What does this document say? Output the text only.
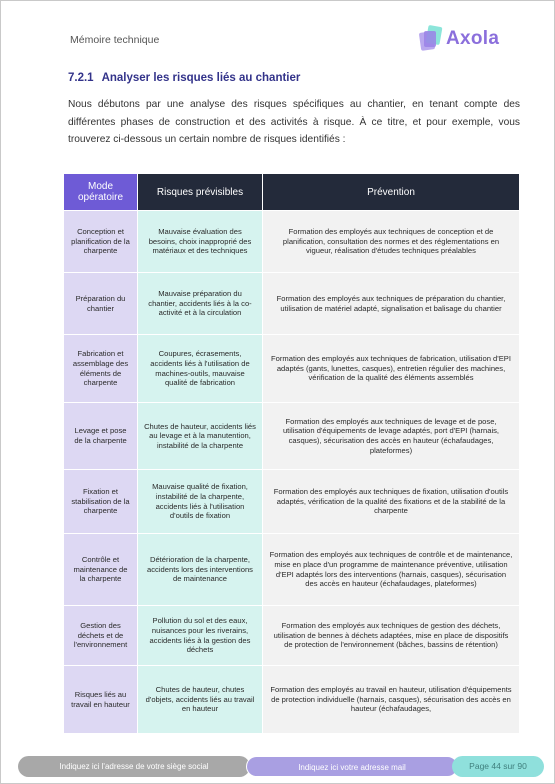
Mémoire technique	Axola
7.2.1 Analyser les risques liés au chantier
Nous débutons par une analyse des risques spécifiques au chantier, en tenant compte des différentes phases de construction et des activités à risque. À ce titre, et pour exemple, vous trouverez ci-dessous un certain nombre de risques identifiés :
Mode opératoire	Risques prévisibles	Prévention
Conception et planification de la charpente	Mauvaise évaluation des besoins, choix inapproprié des matériaux et des techniques	Formation des employés aux techniques de conception et de planification, consultation des normes et des réglementations en vigueur, réalisation d'études techniques préalables
Préparation du chantier	Mauvaise préparation du chantier, accidents liés à la co-activité et à la circulation	Formation des employés aux techniques de préparation du chantier, utilisation de matériel adapté, signalisation et balisage du chantier
Fabrication et assemblage des éléments de charpente	Coupures, écrasements, accidents liés à l'utilisation de machines-outils, mauvaise qualité de fabrication	Formation des employés aux techniques de fabrication, utilisation d'EPI adaptés (gants, lunettes, casques), entretien régulier des machines, vérification de la qualité des éléments assemblés
Levage et pose de la charpente	Chutes de hauteur, accidents liés au levage et à la manutention, instabilité de la charpente	Formation des employés aux techniques de levage et de pose, utilisation d'équipements de levage adaptés, port d'EPI (harnais, casques), sécurisation des accès en hauteur (échafaudages, plateformes)
Fixation et stabilisation de la charpente	Mauvaise qualité de fixation, instabilité de la charpente, accidents liés à l'utilisation d'outils de fixation	Formation des employés aux techniques de fixation, utilisation d'outils adaptés, vérification de la qualité des fixations et de la stabilité de la charpente
Contrôle et maintenance de la charpente	Détérioration de la charpente, accidents lors des interventions de maintenance	Formation des employés aux techniques de contrôle et de maintenance, mise en place d'un programme de maintenance préventive, utilisation d'EPI adaptés lors des interventions (harnais, casques), sécurisation des accès en hauteur (échafaudages, plateformes)
Gestion des déchets et de l'environnement	Pollution du sol et des eaux, nuisances pour les riverains, accidents liés à la gestion des déchets	Formation des employés aux techniques de gestion des déchets, utilisation de bennes à déchets adaptées, mise en place de dispositifs de protection de l'environnement (bâches, bassins de rétention)
Risques liés au travail en hauteur	Chutes de hauteur, chutes d'objets, accidents liés au travail en hauteur	Formation des employés au travail en hauteur, utilisation d'équipements de protection individuelle (harnais, casques), sécurisation des accès en hauteur (échafaudages,
Indiquez ici l'adresse de votre siège social	Indiquez ici votre adresse mail	Page 44 sur 90
